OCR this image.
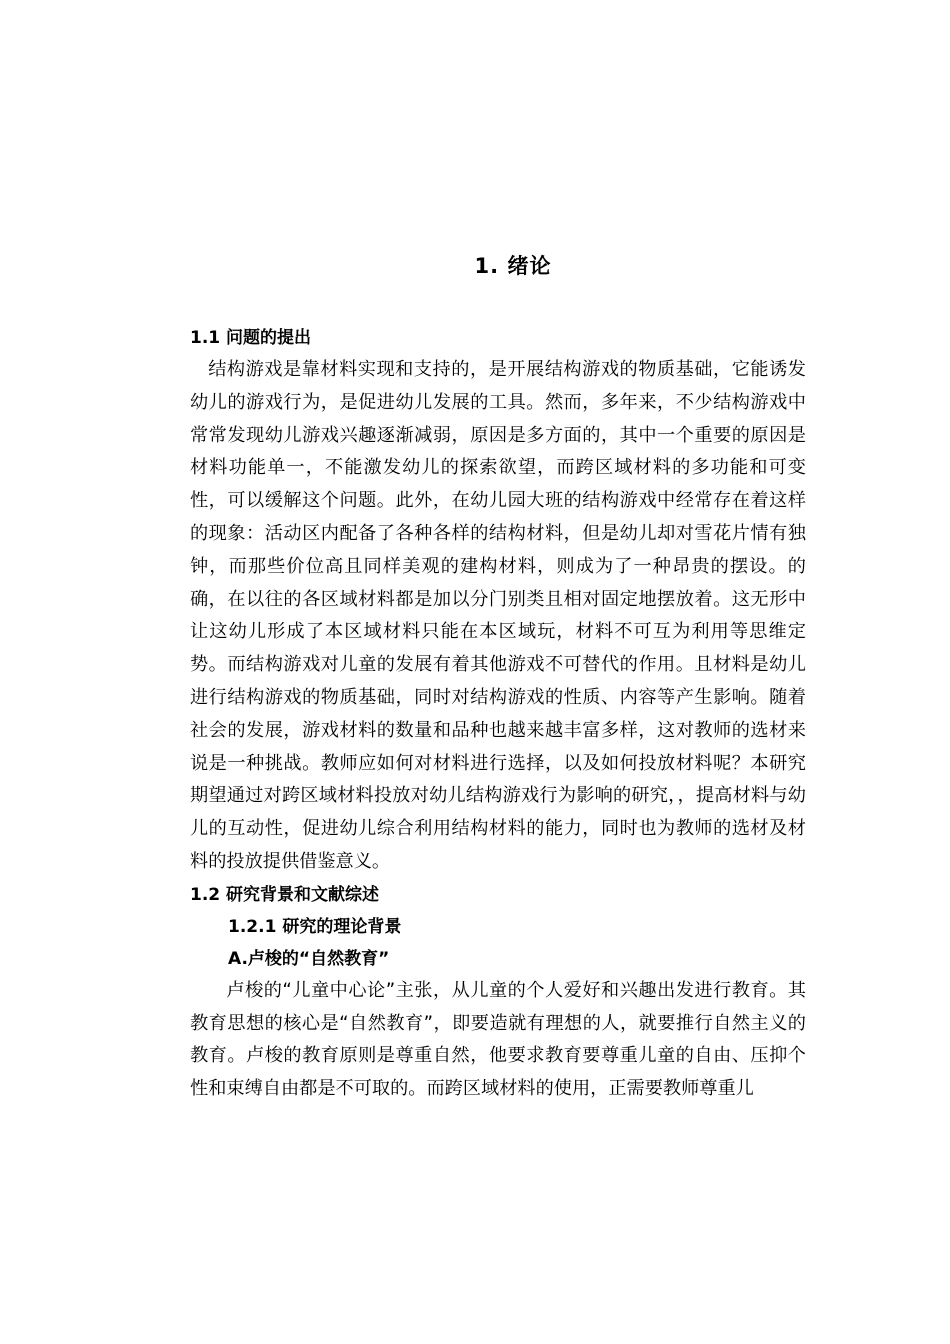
1. 绪论
1.1 问题的提出

结构游戏是靠材料实现和支持的，是开展结构游戏的物质基础，它能诱发幼儿的游戏行为，是促进幼儿发展的工具。然而，多年来，不少结构游戏中常常发现幼儿游戏兴趣逐渐减弱，原因是多方面的，其中一个重要的原因是材料功能单一，不能激发幼儿的探索欲望，而跨区域材料的多功能和可变性，可以缓解这个问题。此外，在幼儿园大班的结构游戏中经常存在着这样的现象：活动区内配备了各种各样的结构材料，但是幼儿却对雪花片情有独钟，而那些价位高且同样美观的建构材料，则成为了一种昂贵的摆设。的确，在以往的各区域材料都是加以分门别类且相对固定地摆放着。这无形中让这幼儿形成了本区域材料只能在本区域玩，材料不可互为利用等思维定势。而结构游戏对儿童的发展有着其他游戏不可替代的作用。且材料是幼儿进行结构游戏的物质基础，同时对结构游戏的性质、内容等产生影响。随着社会的发展，游戏材料的数量和品种也越来越丰富多样，这对教师的选材来说是一种挑战。教师应如何对材料进行选择，以及如何投放材料呢？本研究期望通过对跨区域材料投放对幼儿结构游戏行为影响的研究，，提高材料与幼儿的互动性，促进幼儿综合利用结构材料的能力，同时也为教师的选材及材料的投放提供借鉴意义。

1.2 研究背景和文献综述
1.2.1 研究的理论背景
A.卢梭的“自然教育”

卢梭的“儿童中心论”主张，从儿童的个人爱好和兴趣出发进行教育。其教育思想的核心是“自然教育”，即要造就有理想的人，就要推行自然主义的教育。卢梭的教育原则是尊重自然，他要求教育要尊重儿童的自由、压抑个性和束缚自由都是不可取的。而跨区域材料的使用，正需要教师尊重儿
